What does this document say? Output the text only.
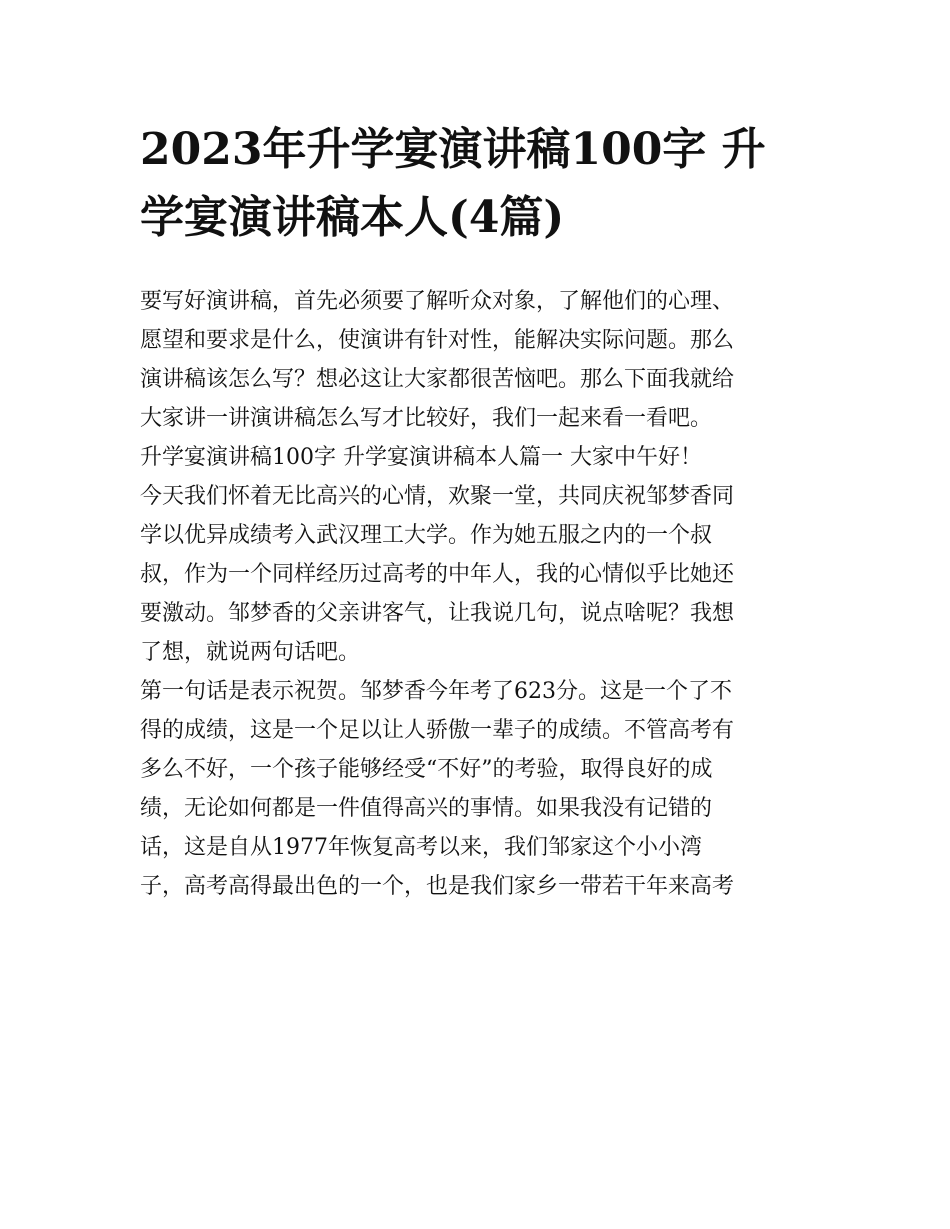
2023年升学宴演讲稿100字 升
学宴演讲稿本人(4篇)
要写好演讲稿，首先必须要了解听众对象，了解他们的心理、
愿望和要求是什么，使演讲有针对性，能解决实际问题。那么
演讲稿该怎么写？想必这让大家都很苦恼吧。那么下面我就给
大家讲一讲演讲稿怎么写才比较好，我们一起来看一看吧。
升学宴演讲稿100字 升学宴演讲稿本人篇一 大家中午好！
今天我们怀着无比高兴的心情，欢聚一堂，共同庆祝邹梦香同
学以优异成绩考入武汉理工大学。作为她五服之内的一个叔
叔，作为一个同样经历过高考的中年人，我的心情似乎比她还
要激动。邹梦香的父亲讲客气，让我说几句，说点啥呢？我想
了想，就说两句话吧。
第一句话是表示祝贺。邹梦香今年考了623分。这是一个了不
得的成绩，这是一个足以让人骄傲一辈子的成绩。不管高考有
多么不好，一个孩子能够经受“不好”的考验，取得良好的成
绩，无论如何都是一件值得高兴的事情。如果我没有记错的
话，这是自从1977年恢复高考以来，我们邹家这个小小湾
子，高考高得最出色的一个，也是我们家乡一带若干年来高考
